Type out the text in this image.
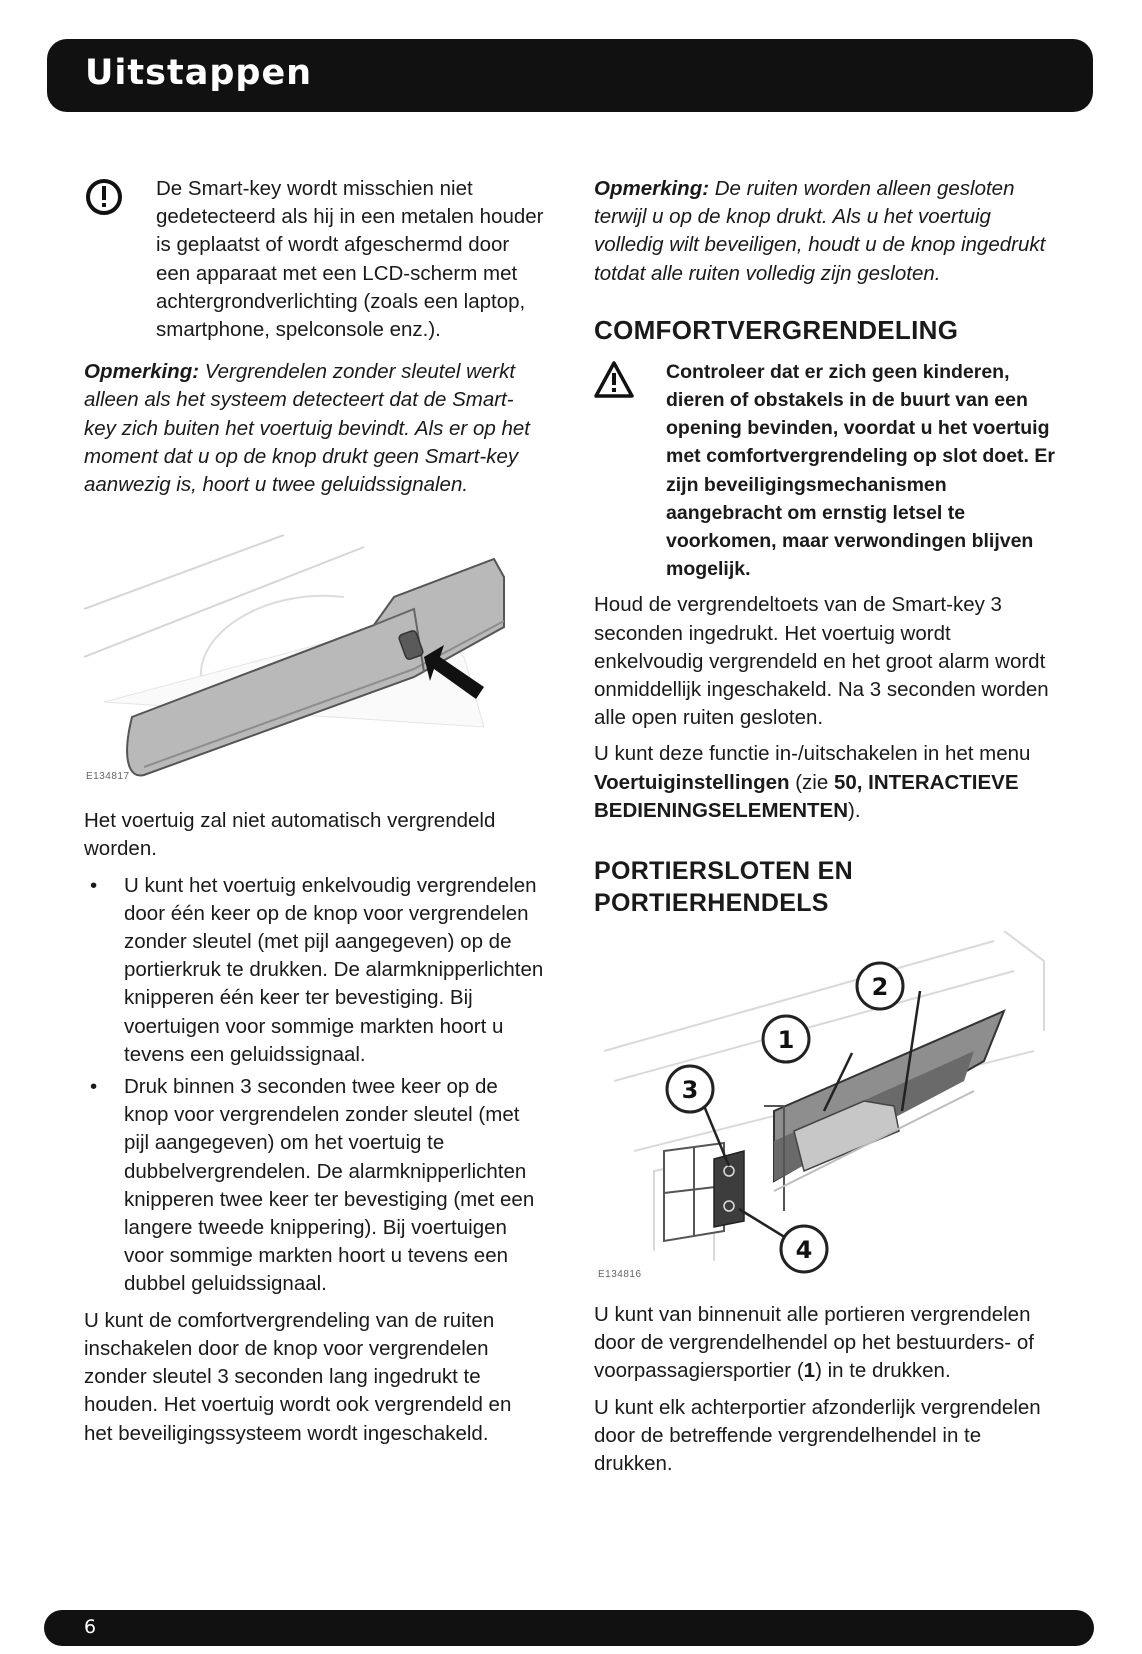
Uitstappen

De Smart-key wordt misschien niet gedetecteerd als hij in een metalen houder is geplaatst of wordt afgeschermd door een apparaat met een LCD-scherm met achtergrondverlichting (zoals een laptop, smartphone, spelconsole enz.).

Opmerking: Vergrendelen zonder sleutel werkt alleen als het systeem detecteert dat de Smart-key zich buiten het voertuig bevindt. Als er op het moment dat u op de knop drukt geen Smart-key aanwezig is, hoort u twee geluidssignalen.

E134817

Het voertuig zal niet automatisch vergrendeld worden.

• U kunt het voertuig enkelvoudig vergrendelen door één keer op de knop voor vergrendelen zonder sleutel (met pijl aangegeven) op de portierkruk te drukken. De alarmknipperlichten knipperen één keer ter bevestiging. Bij voertuigen voor sommige markten hoort u tevens een geluidssignaal.
• Druk binnen 3 seconden twee keer op de knop voor vergrendelen zonder sleutel (met pijl aangegeven) om het voertuig te dubbelvergrendelen. De alarmknipperlichten knipperen twee keer ter bevestiging (met een langere tweede knippering). Bij voertuigen voor sommige markten hoort u tevens een dubbel geluidssignaal.

U kunt de comfortvergrendeling van de ruiten inschakelen door de knop voor vergrendelen zonder sleutel 3 seconden lang ingedrukt te houden. Het voertuig wordt ook vergrendeld en het beveiligingssysteem wordt ingeschakeld.

Opmerking: De ruiten worden alleen gesloten terwijl u op de knop drukt. Als u het voertuig volledig wilt beveiligen, houdt u de knop ingedrukt totdat alle ruiten volledig zijn gesloten.

COMFORTVERGRENDELING

Controleer dat er zich geen kinderen, dieren of obstakels in de buurt van een opening bevinden, voordat u het voertuig met comfortvergrendeling op slot doet. Er zijn beveiligingsmechanismen aangebracht om ernstig letsel te voorkomen, maar verwondingen blijven mogelijk.

Houd de vergrendeltoets van de Smart-key 3 seconden ingedrukt. Het voertuig wordt enkelvoudig vergrendeld en het groot alarm wordt onmiddellijk ingeschakeld. Na 3 seconden worden alle open ruiten gesloten.

U kunt deze functie in-/uitschakelen in het menu Voertuiginstellingen (zie 50, INTERACTIEVE BEDIENINGSELEMENTEN).

PORTIERSLOTEN EN PORTIERHENDELS
1
2
3
4
E134816

U kunt van binnenuit alle portieren vergrendelen door de vergrendelhendel op het bestuurders- of voorpassagiersportier (1) in te drukken.

U kunt elk achterportier afzonderlijk vergrendelen door de betreffende vergrendelhendel in te drukken.

6
